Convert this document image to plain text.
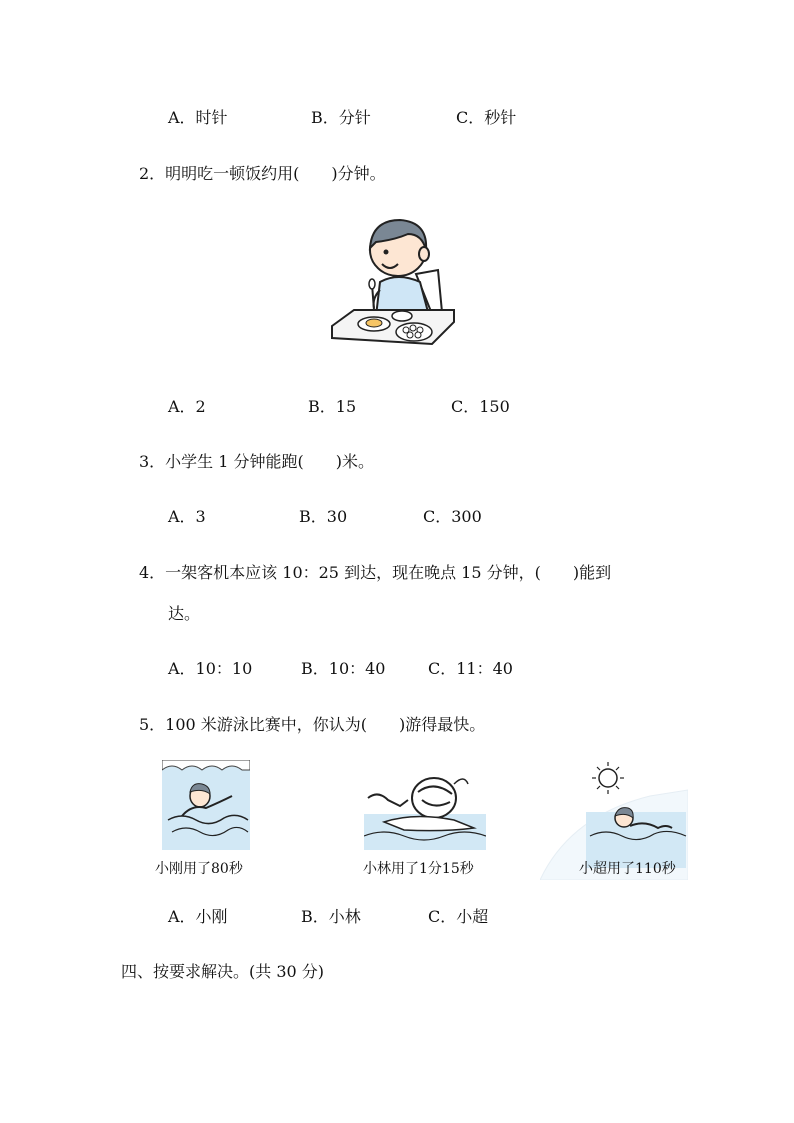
A．时针	B．分针	C．秒针
2．明明吃一顿饭约用(　　)分钟。
A．2	B．15	C．150
3．小学生 1 分钟能跑(　　)米。
A．3	B．30	C．300
4．一架客机本应该 10：25 到达，现在晚点 15 分钟，(　　)能到
达。
A．10：10	B．10：40	C．11：40
5．100 米游泳比赛中，你认为(　　)游得最快。
小刚用了80秒	小林用了1分15秒	小超用了110秒
A．小刚	B．小林	C．小超
四、按要求解决。(共 30 分)
